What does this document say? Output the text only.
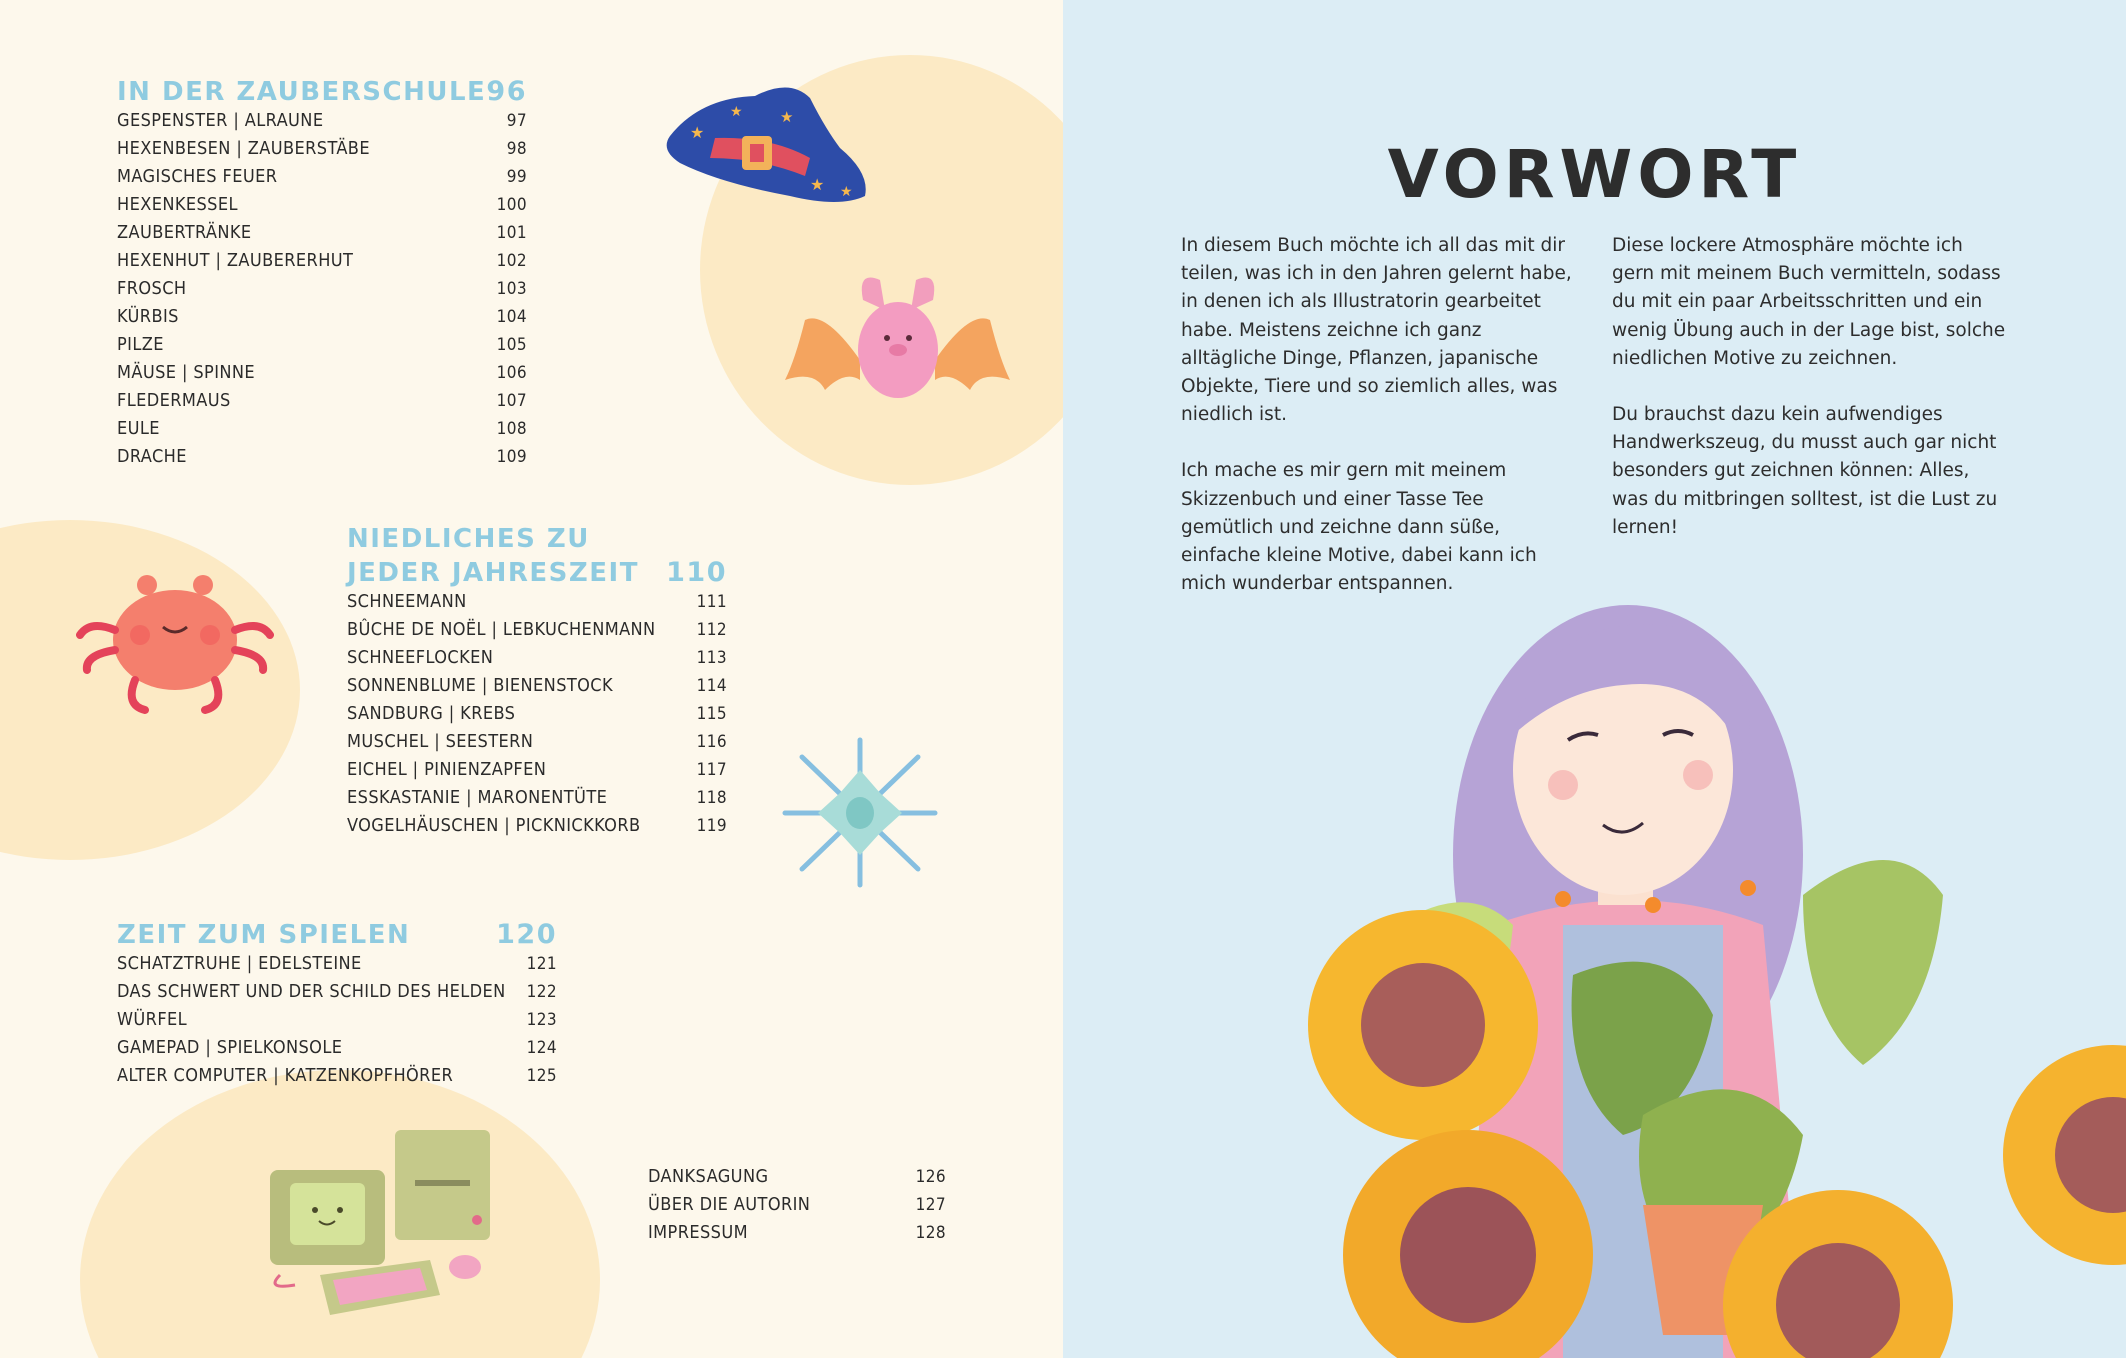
IN DER ZAUBERSCHULE 96
GESPENSTER | ALRAUNE	97
HEXENBESEN | ZAUBERSTÄBE	98
MAGISCHES FEUER	99
HEXENKESSEL	100
ZAUBERTRÄNKE	101
HEXENHUT | ZAUBERERHUT	102
FROSCH	103
KÜRBIS	104
PILZE	105
MÄUSE | SPINNE	106
FLEDERMAUS	107
EULE	108
DRACHE	109
NIEDLICHES ZU
JEDER JAHRESZEIT 110
SCHNEEMANN	111
BÛCHE DE NOËL | LEBKUCHENMANN 112
SCHNEEFLOCKEN	113
SONNENBLUME | BIENENSTOCK	114
SANDBURG | KREBS	115
MUSCHEL | SEESTERN	116
EICHEL | PINIENZAPFEN	117
ESSKASTANIE | MARONENTÜTE	118
VOGELHÄUSCHEN | PICKNICKKORB	119
ZEIT ZUM SPIELEN	120
SCHATZTRUHE | EDELSTEINE	121
DAS SCHWERT UND DER SCHILD DES HELDEN 122
WÜRFEL	123
GAMEPAD | SPIELKONSOLE	124
ALTER COMPUTER | KATZENKOPFHÖRER	125
DANKSAGUNG	126
ÜBER DIE AUTORIN	127
IMPRESSUM	128
★
★ ★
★ ★	VORWORT

In diesem Buch möchte ich all das mit dir teilen, was ich in den Jahren gelernt habe, in denen ich als Illustratorin gearbeitet habe. Meistens zeichne ich ganz alltägliche Dinge, Pflanzen, japanische Objekte, Tiere und so ziemlich alles, was niedlich ist.

Ich mache es mir gern mit meinem Skizzenbuch und einer Tasse Tee gemütlich und zeichne dann süße, einfache kleine Motive, dabei kann ich mich wunderbar entspannen.

Diese lockere Atmosphäre möchte ich gern mit meinem Buch vermitteln, sodass du mit ein paar Arbeitsschritten und ein wenig Übung auch in der Lage bist, solche niedlichen Motive zu zeichnen.

Du brauchst dazu kein aufwendiges Handwerkszeug, du musst auch gar nicht besonders gut zeichnen können: Alles, was du mitbringen solltest, ist die Lust zu lernen!
